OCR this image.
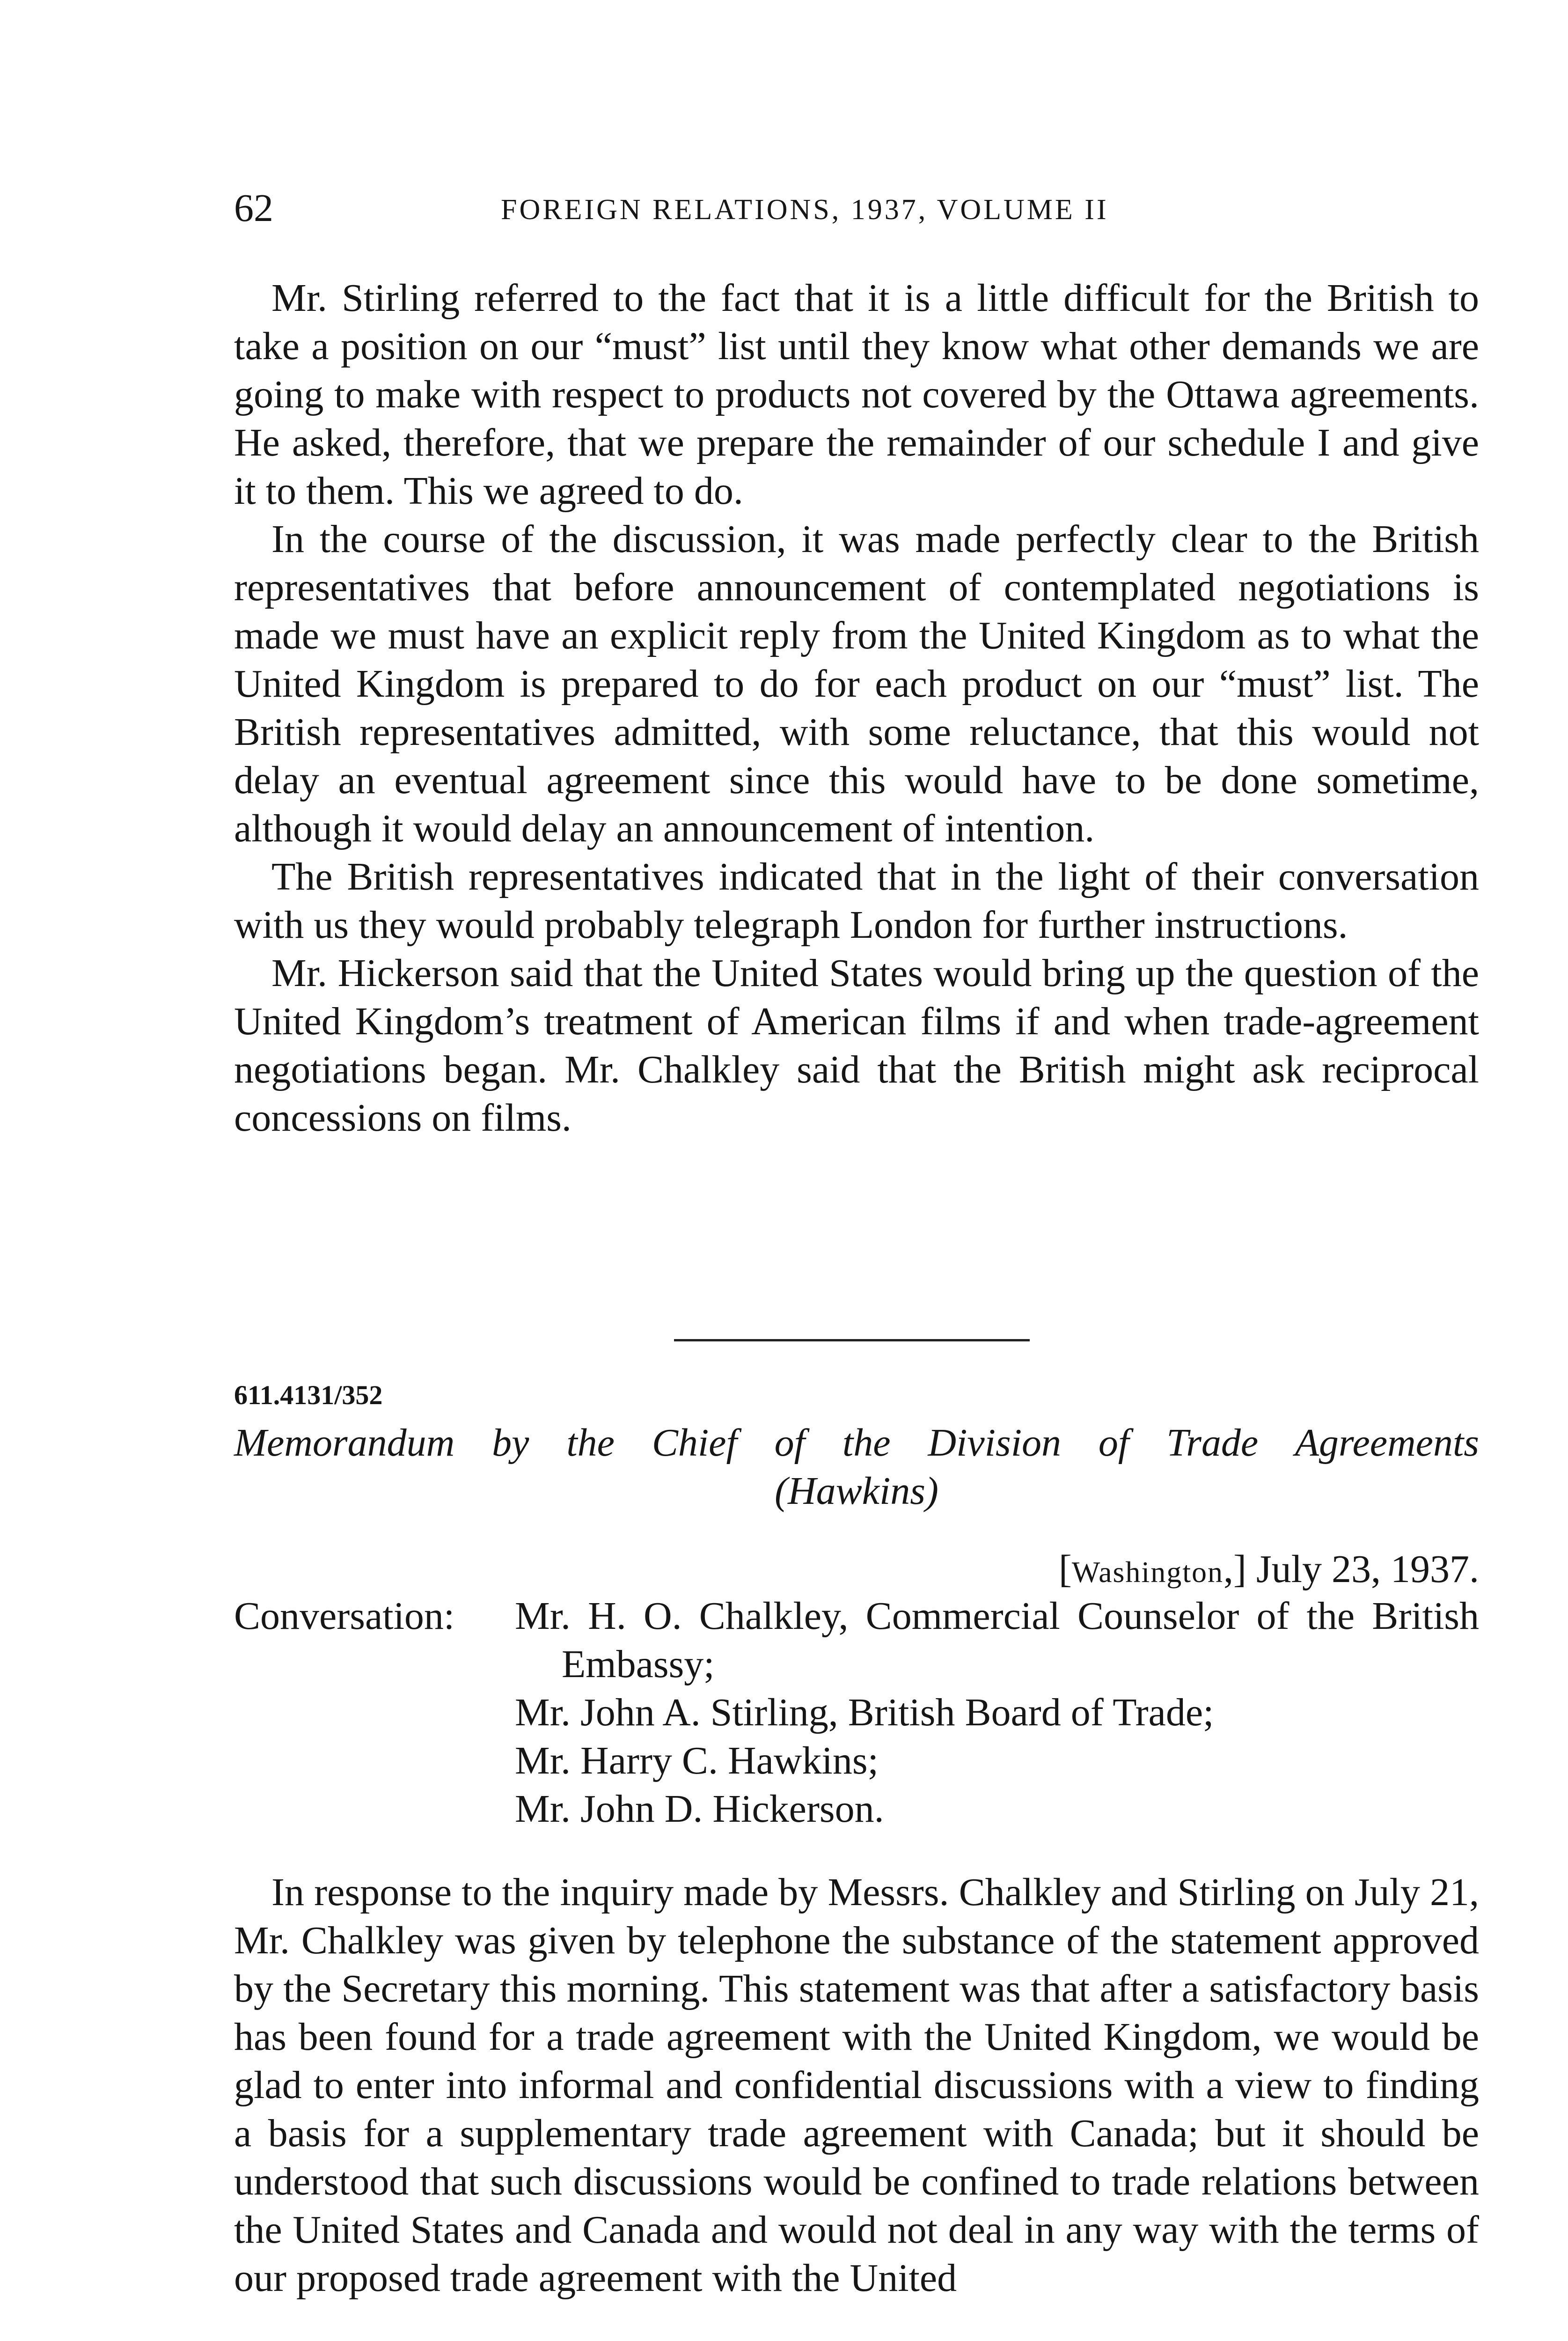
62	FOREIGN RELATIONS, 1937, VOLUME II

Mr. Stirling referred to the fact that it is a little difficult for the British to take a position on our “must” list until they know what other demands we are going to make with respect to products not covered by the Ottawa agreements. He asked, therefore, that we prepare the remainder of our schedule I and give it to them. This we agreed to do.

In the course of the discussion, it was made perfectly clear to the British representatives that before announcement of contemplated negotiations is made we must have an explicit reply from the United Kingdom as to what the United Kingdom is prepared to do for each product on our “must” list. The British representatives admitted, with some reluctance, that this would not delay an eventual agreement since this would have to be done sometime, although it would delay an announcement of intention.

The British representatives indicated that in the light of their conversation with us they would probably telegraph London for further instructions.

Mr. Hickerson said that the United States would bring up the question of the United Kingdom’s treatment of American films if and when trade-agreement negotiations began. Mr. Chalkley said that the British might ask reciprocal concessions on films.

611.4131/352
Memorandum by the Chief of the Division of Trade Agreements
(Hawkins)
[Washington,] July 23, 1937.
Conversation: Mr. H. O. Chalkley, Commercial Counselor of the British Embassy;
Mr. John A. Stirling, British Board of Trade;
Mr. Harry C. Hawkins;
Mr. John D. Hickerson.

In response to the inquiry made by Messrs. Chalkley and Stirling on July 21, Mr. Chalkley was given by telephone the substance of the statement approved by the Secretary this morning. This statement was that after a satisfactory basis has been found for a trade agreement with the United Kingdom, we would be glad to enter into informal and confidential discussions with a view to finding a basis for a supplementary trade agreement with Canada; but it should be understood that such discussions would be confined to trade relations between the United States and Canada and would not deal in any way with the terms of our proposed trade agreement with the United
